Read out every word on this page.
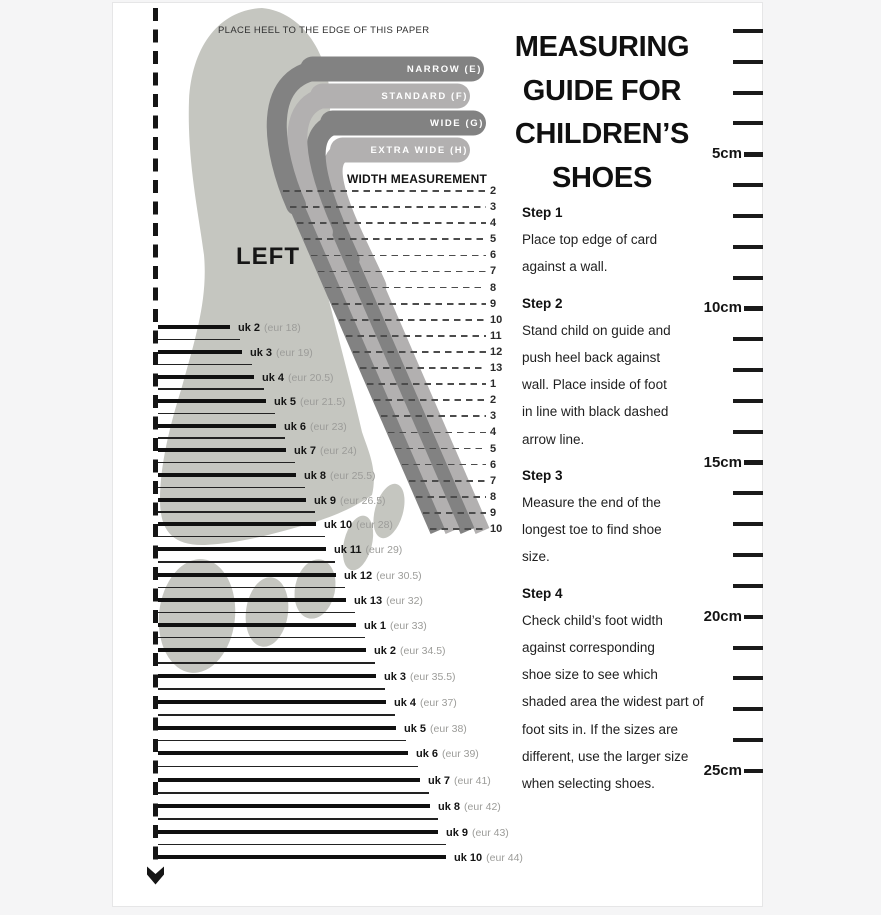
PLACE HEEL TO THE EDGE OF THIS PAPER
LEFT
NARROW (E)
STANDARD (F)
WIDE (G)
EXTRA WIDE (H)
WIDTH MEASUREMENT
MEASURING
GUIDE FOR
CHILDREN’S
SHOES
Step 1
Place top edge of card
against a wall.
Step 2
Stand child on guide and
push heel back against
wall. Place inside of foot
in line with black dashed
arrow line.
Step 3
Measure the end of the
longest toe to find shoe
size.
Step 4
Check child’s foot width
against corresponding
shoe size to see which
shaded area the widest part of
foot sits in. If the sizes are
different, use the larger size
when selecting shoes.
2
3
4
5
6
7
8
9
10
11
12
13
1
2
3
4
5
6
7
8
9
10
uk 2 (eur 18)
uk 3 (eur 19)
uk 4 (eur 20.5)
uk 5 (eur 21.5)
uk 6 (eur 23)
uk 7 (eur 24)
uk 8 (eur 25.5)
uk 9 (eur 26.5)
uk 10 (eur 28)
uk 11 (eur 29)
uk 12 (eur 30.5)
uk 13 (eur 32)
uk 1 (eur 33)
uk 2 (eur 34.5)
uk 3 (eur 35.5)
uk 4 (eur 37)
uk 5 (eur 38)
uk 6 (eur 39)
uk 7 (eur 41)
uk 8 (eur 42)
uk 9 (eur 43)
uk 10 (eur 44)
5cm
10cm
15cm
20cm
25cm
